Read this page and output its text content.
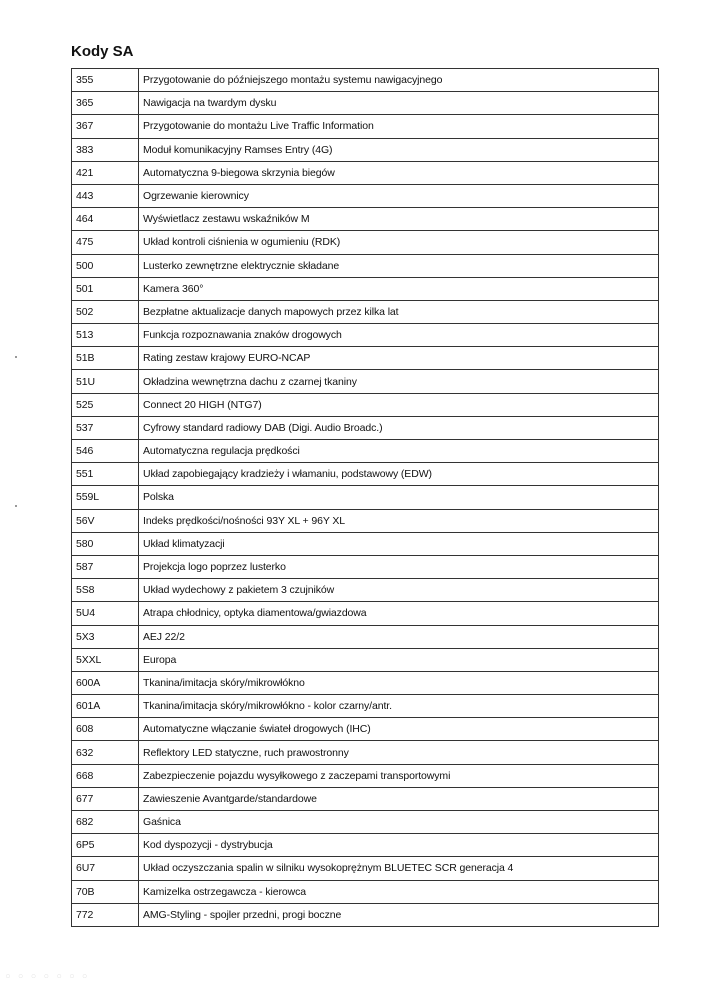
Kody SA
355	Przygotowanie do późniejszego montażu systemu nawigacyjnego
365	Nawigacja na twardym dysku
367	Przygotowanie do montażu Live Traffic Information
383	Moduł komunikacyjny Ramses Entry (4G)
421	Automatyczna 9-biegowa skrzynia biegów
443	Ogrzewanie kierownicy
464	Wyświetlacz zestawu wskaźników M
475	Układ kontroli ciśnienia w ogumieniu (RDK)
500	Lusterko zewnętrzne elektrycznie składane
501	Kamera 360°
502	Bezpłatne aktualizacje danych mapowych przez kilka lat
513	Funkcja rozpoznawania znaków drogowych
51B	Rating zestaw krajowy EURO-NCAP
51U	Okładzina wewnętrzna dachu z czarnej tkaniny
525	Connect 20 HIGH (NTG7)
537	Cyfrowy standard radiowy DAB (Digi. Audio Broadc.)
546	Automatyczna regulacja prędkości
551	Układ zapobiegający kradzieży i włamaniu, podstawowy (EDW)
559L	Polska
56V	Indeks prędkości/nośności 93Y XL + 96Y XL
580	Układ klimatyzacji
587	Projekcja logo poprzez lusterko
5S8	Układ wydechowy z pakietem 3 czujników
5U4	Atrapa chłodnicy, optyka diamentowa/gwiazdowa
5X3	AEJ 22/2
5XXL	Europa
600A	Tkanina/imitacja skóry/mikrowłókno
601A	Tkanina/imitacja skóry/mikrowłókno - kolor czarny/antr.
608	Automatyczne włączanie świateł drogowych (IHC)
632	Reflektory LED statyczne, ruch prawostronny
668	Zabezpieczenie pojazdu wysyłkowego z zaczepami transportowymi
677	Zawieszenie Avantgarde/standardowe
682	Gaśnica
6P5	Kod dyspozycji - dystrybucja
6U7	Układ oczyszczania spalin w silniku wysokoprężnym BLUETEC SCR generacja 4
70B	Kamizelka ostrzegawcza - kierowca
772	AMG-Styling - spojler przedni, progi boczne
◦ ◦ ◦ ◦ ◦ ◦ ◦
